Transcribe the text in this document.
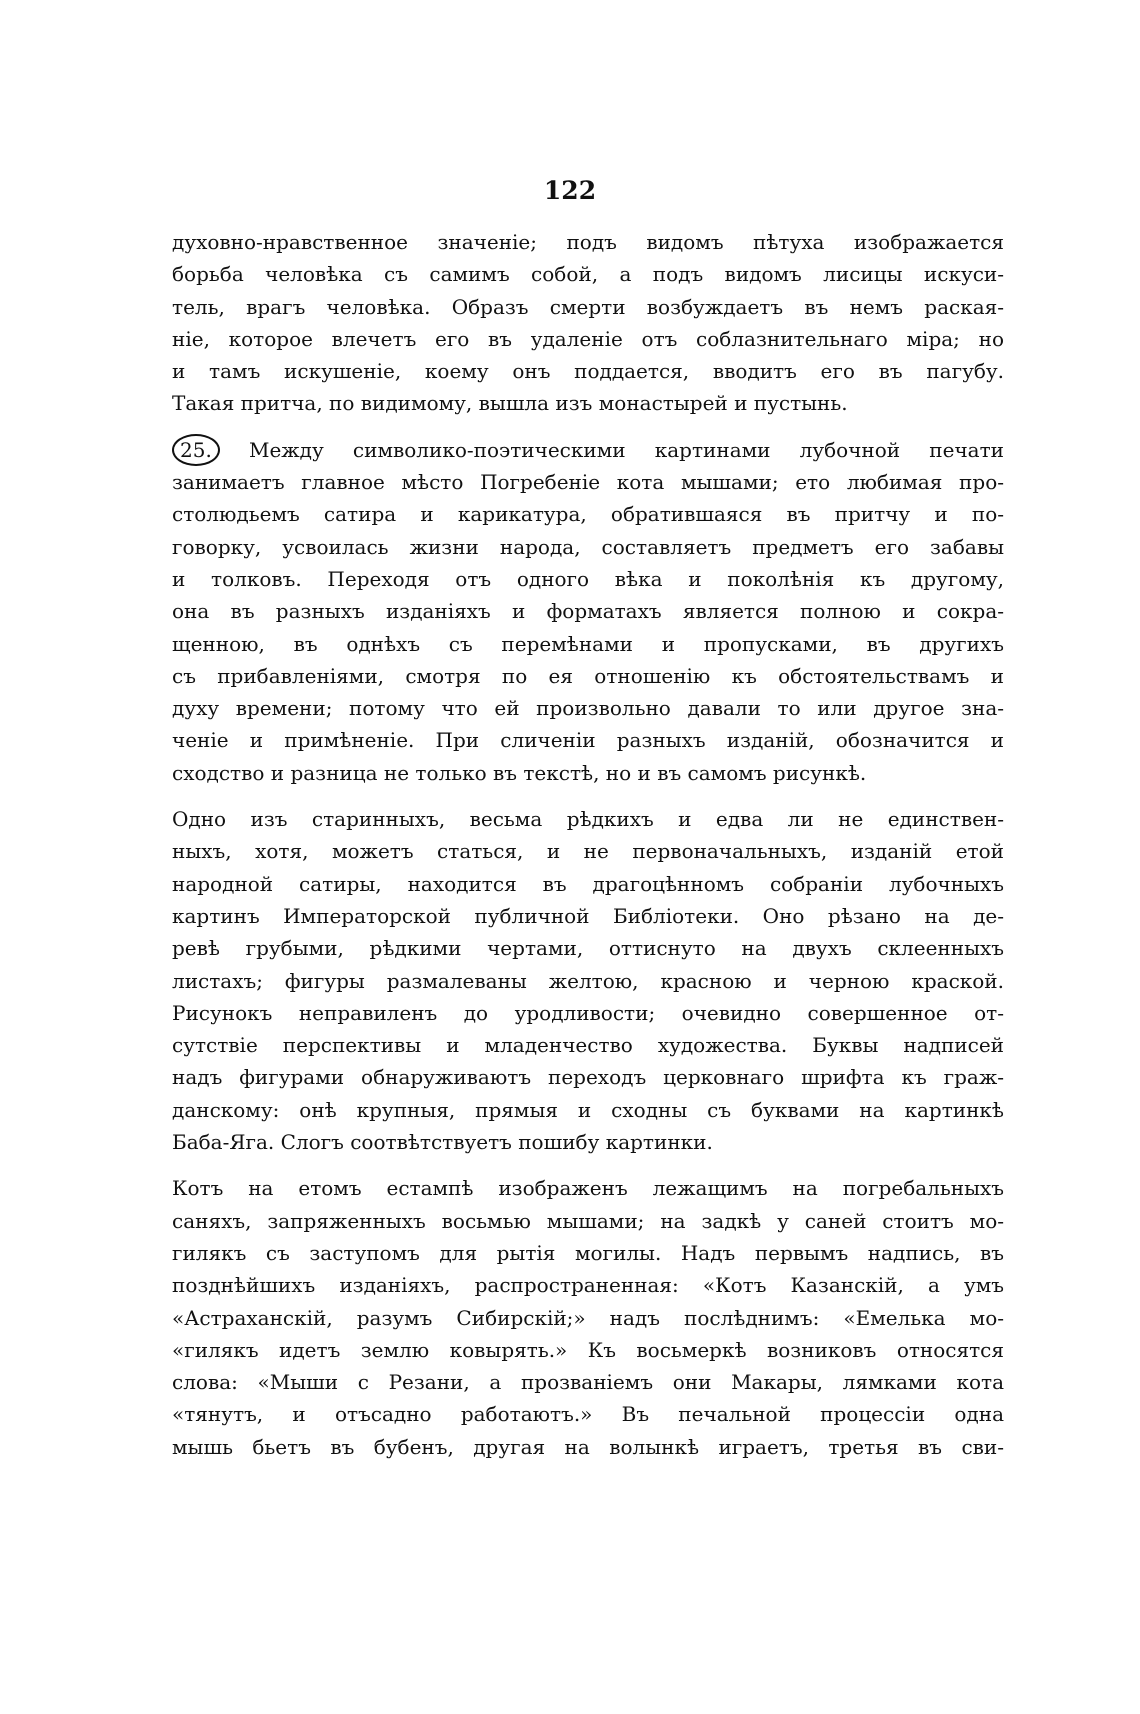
122

духовно-нравственное значенiе; подъ видомъ пѣтуха изображается
борьба человѣка съ самимъ собой, а подъ видомъ лисицы искуси-
тель, врагъ человѣка. Образъ смерти возбуждаетъ въ немъ раская-
нiе, которое влечетъ его въ удаленiе отъ соблазнительнаго мiра; но
и тамъ искушенiе, коему онъ поддается, вводитъ его въ пагубу.
Такая притча, по видимому, вышла изъ монастырей и пустынь.

25. Между символико-поэтическими картинами лубочной печати
занимаетъ главное мѣсто Погребенiе кота мышами; ето любимая про-
столюдьемъ сатира и карикатура, обратившаяся въ притчу и по-
говорку, усвоилась жизни народа, составляетъ предметъ его забавы
и толковъ. Переходя отъ одного вѣка и поколѣнiя къ другому,
она въ разныхъ изданiяхъ и форматахъ является полною и сокра-
щенною, въ однѣхъ съ перемѣнами и пропусками, въ другихъ
съ прибавленiями, смотря по ея отношенiю къ обстоятельствамъ и
духу времени; потому что ей произвольно давали то или другое зна-
ченiе и примѣненiе. При сличенiи разныхъ изданiй, обозначится и
сходство и разница не только въ текстѣ, но и въ самомъ рисункѣ.

Одно изъ старинныхъ, весьма рѣдкихъ и едва ли не единствен-
ныхъ, хотя, можетъ статься, и не первоначальныхъ, изданiй етой
народной сатиры, находится въ драгоцѣнномъ собранiи лубочныхъ
картинъ Императорской публичной Библiотеки. Оно рѣзано на де-
ревѣ грубыми, рѣдкими чертами, оттиснуто на двухъ склеенныхъ
листахъ; фигуры размалеваны желтою, красною и черною краской.
Рисунокъ неправиленъ до уродливости; очевидно совершенное от-
сутствiе перспективы и младенчество художества. Буквы надписей
надъ фигурами обнаруживаютъ переходъ церковнаго шрифта къ граж-
данскому: онѣ крупныя, прямыя и сходны съ буквами на картинкѣ
Баба-Яга. Слогъ соотвѣтствуетъ пошибу картинки.

Котъ на етомъ естампѣ изображенъ лежащимъ на погребальныхъ
саняхъ, запряженныхъ восьмью мышами; на задкѣ у саней стоитъ мо-
гилякъ съ заступомъ для рытiя могилы. Надъ первымъ надпись, въ
позднѣйшихъ изданiяхъ, распространенная: «Котъ Казанскiй, а умъ
«Астраханскiй, разумъ Сибирскiй;» надъ послѣднимъ: «Емелька мо-
«гилякъ идетъ землю ковырять.» Къ восьмеркѣ возниковъ относятся
слова: «Мыши с Резани, а прозванiемъ они Макары, лямками кота
«тянутъ, и отъсадно работаютъ.» Въ печальной процессiи одна
мышь бьетъ въ бубенъ, другая на волынкѣ играетъ, третья въ сви-
